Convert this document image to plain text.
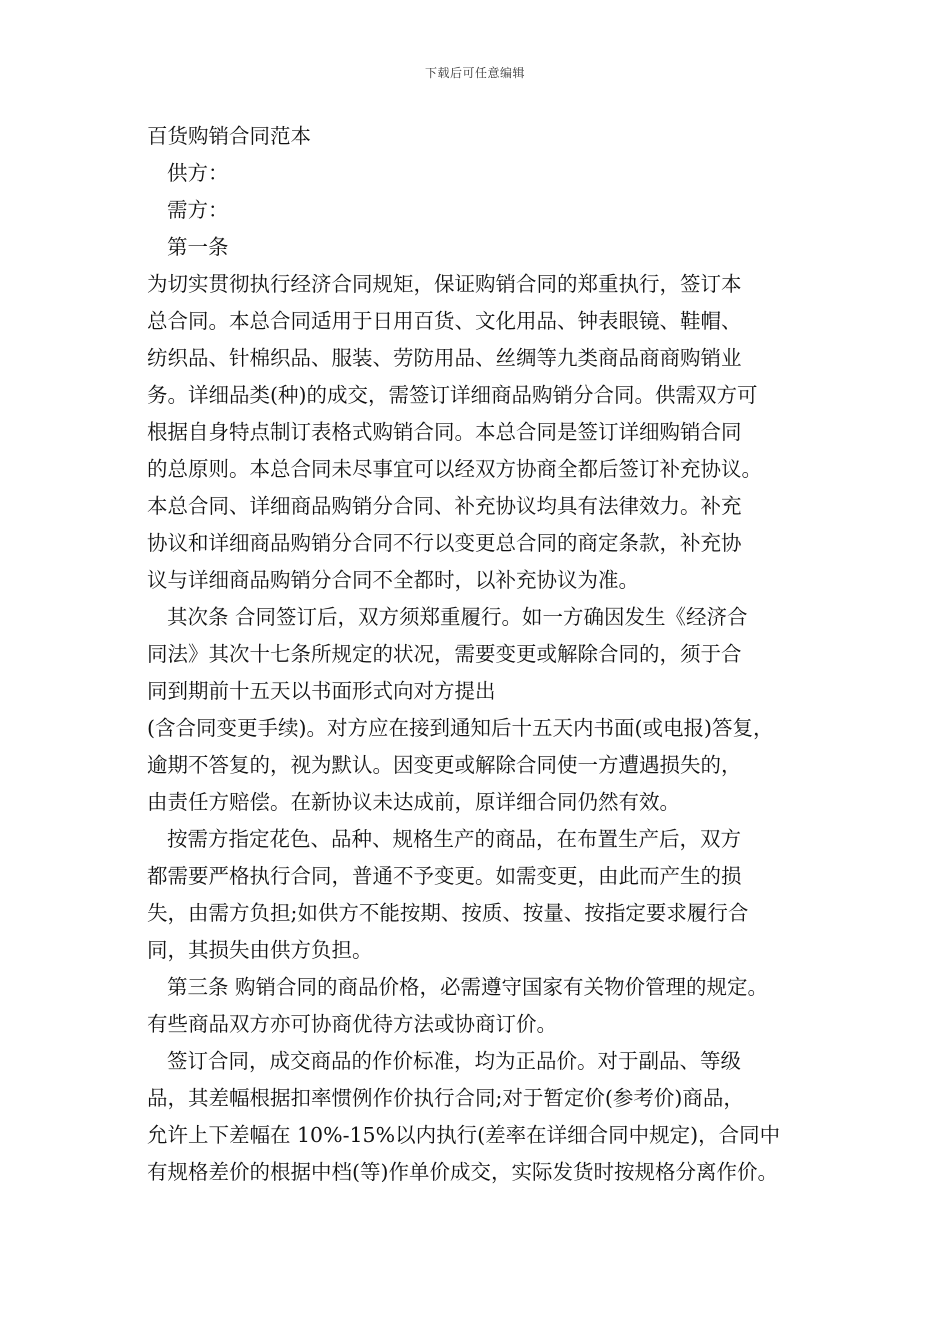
下载后可任意编辑
百货购销合同范本
供方：
需方：
第一条
为切实贯彻执行经济合同规矩，保证购销合同的郑重执行，签订本
总合同。本总合同适用于日用百货、文化用品、钟表眼镜、鞋帽、
纺织品、针棉织品、服装、劳防用品、丝绸等九类商品商商购销业
务。详细品类(种)的成交，需签订详细商品购销分合同。供需双方可
根据自身特点制订表格式购销合同。本总合同是签订详细购销合同
的总原则。本总合同未尽事宜可以经双方协商全都后签订补充协议。
本总合同、详细商品购销分合同、补充协议均具有法律效力。补充
协议和详细商品购销分合同不行以变更总合同的商定条款，补充协
议与详细商品购销分合同不全都时，以补充协议为准。
其次条 合同签订后，双方须郑重履行。如一方确因发生《经济合
同法》其次十七条所规定的状况，需要变更或解除合同的，须于合
同到期前十五天以书面形式向对方提出
(含合同变更手续)。对方应在接到通知后十五天内书面(或电报)答复，
逾期不答复的，视为默认。因变更或解除合同使一方遭遇损失的，
由责任方赔偿。在新协议未达成前，原详细合同仍然有效。
按需方指定花色、品种、规格生产的商品，在布置生产后，双方
都需要严格执行合同，普通不予变更。如需变更，由此而产生的损
失，由需方负担;如供方不能按期、按质、按量、按指定要求履行合
同，其损失由供方负担。
第三条 购销合同的商品价格，必需遵守国家有关物价管理的规定。
有些商品双方亦可协商优待方法或协商订价。
签订合同，成交商品的作价标准，均为正品价。对于副品、等级
品，其差幅根据扣率惯例作价执行合同;对于暂定价(参考价)商品，
允许上下差幅在 10%-15%以内执行(差率在详细合同中规定)，合同中
有规格差价的根据中档(等)作单价成交，实际发货时按规格分离作价。
